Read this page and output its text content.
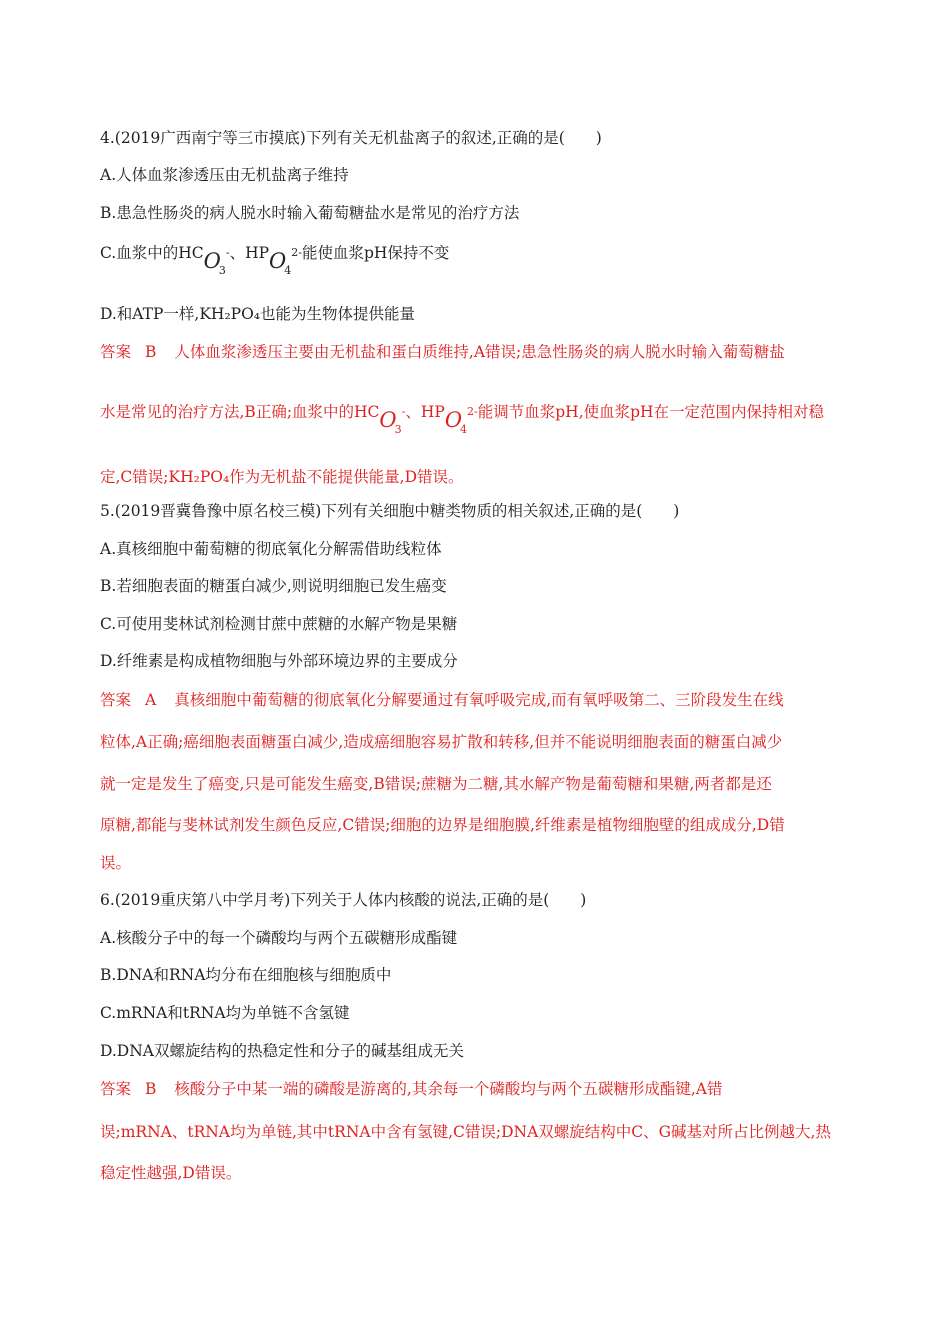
4.(2019广西南宁等三市摸底)下列有关无机盐离子的叙述,正确的是(　　)
A.人体血浆渗透压由无机盐离子维持
B.患急性肠炎的病人脱水时输入葡萄糖盐水是常见的治疗方法
C.血浆中的$HCO_3-$、$HPO_42-$能使血浆pH保持不变
D.和ATP一样,KH₂PO₄也能为生物体提供能量
答案 B 人体血浆渗透压主要由无机盐和蛋白质维持,A错误;患急性肠炎的病人脱水时输入葡萄糖盐
水是常见的治疗方法,B正确;血浆中的$HCO_3-$、$HPO_42-$能调节血浆pH,使血浆pH在一定范围内保持相对稳
定,C错误;KH₂PO₄作为无机盐不能提供能量,D错误。
5.(2019晋冀鲁豫中原名校三模)下列有关细胞中糖类物质的相关叙述,正确的是(　　)
A.真核细胞中葡萄糖的彻底氧化分解需借助线粒体
B.若细胞表面的糖蛋白减少,则说明细胞已发生癌变
C.可使用斐林试剂检测甘蔗中蔗糖的水解产物是果糖
D.纤维素是构成植物细胞与外部环境边界的主要成分
答案 A 真核细胞中葡萄糖的彻底氧化分解要通过有氧呼吸完成,而有氧呼吸第二、三阶段发生在线
粒体,A正确;癌细胞表面糖蛋白减少,造成癌细胞容易扩散和转移,但并不能说明细胞表面的糖蛋白减少
就一定是发生了癌变,只是可能发生癌变,B错误;蔗糖为二糖,其水解产物是葡萄糖和果糖,两者都是还
原糖,都能与斐林试剂发生颜色反应,C错误;细胞的边界是细胞膜,纤维素是植物细胞壁的组成成分,D错
误。
6.(2019重庆第八中学月考)下列关于人体内核酸的说法,正确的是(　　)
A.核酸分子中的每一个磷酸均与两个五碳糖形成酯键
B.DNA和RNA均分布在细胞核与细胞质中
C.mRNA和tRNA均为单链不含氢键
D.DNA双螺旋结构的热稳定性和分子的碱基组成无关
答案 B 核酸分子中某一端的磷酸是游离的,其余每一个磷酸均与两个五碳糖形成酯键,A错
误;mRNA、tRNA均为单链,其中tRNA中含有氢键,C错误;DNA双螺旋结构中C、G碱基对所占比例越大,热
稳定性越强,D错误。
